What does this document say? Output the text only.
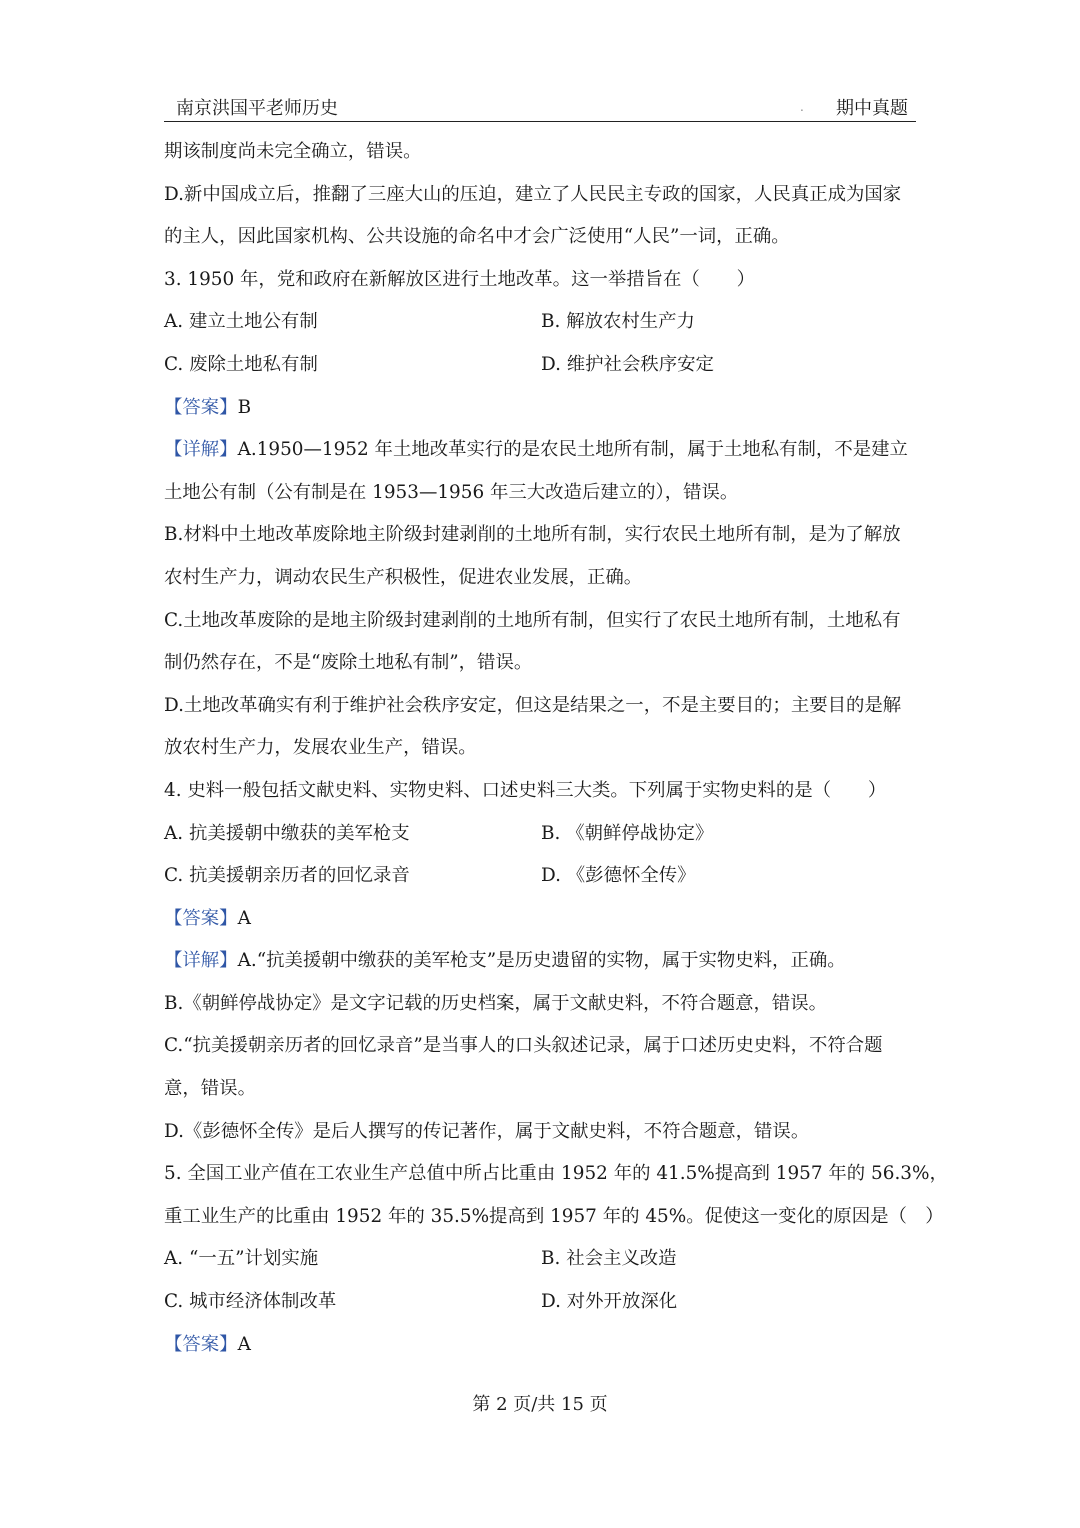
南京洪国平老师历史	. 期中真题
期该制度尚未完全确立，错误。
D.新中国成立后，推翻了三座大山的压迫，建立了人民民主专政的国家，人民真正成为国家
的主人，因此国家机构、公共设施的命名中才会广泛使用“人民”一词，正确。
3. 1950 年，党和政府在新解放区进行土地改革。这一举措旨在（　　）
A. 建立土地公有制	B. 解放农村生产力
C. 废除土地私有制	D. 维护社会秩序安定
【答案】B
【详解】A.1950—1952 年土地改革实行的是农民土地所有制，属于土地私有制，不是建立
土地公有制（公有制是在 1953—1956 年三大改造后建立的），错误。
B.材料中土地改革废除地主阶级封建剥削的土地所有制，实行农民土地所有制，是为了解放
农村生产力，调动农民生产积极性，促进农业发展，正确。
C.土地改革废除的是地主阶级封建剥削的土地所有制，但实行了农民土地所有制，土地私有
制仍然存在，不是“废除土地私有制”，错误。
D.土地改革确实有利于维护社会秩序安定，但这是结果之一，不是主要目的；主要目的是解
放农村生产力，发展农业生产，错误。
4. 史料一般包括文献史料、实物史料、口述史料三大类。下列属于实物史料的是（　　）
A. 抗美援朝中缴获的美军枪支	B. 《朝鲜停战协定》
C. 抗美援朝亲历者的回忆录音	D. 《彭德怀全传》
【答案】A
【详解】A.“抗美援朝中缴获的美军枪支”是历史遗留的实物，属于实物史料，正确。
B.《朝鲜停战协定》是文字记载的历史档案，属于文献史料，不符合题意，错误。
C.“抗美援朝亲历者的回忆录音”是当事人的口头叙述记录，属于口述历史史料，不符合题
意，错误。
D.《彭德怀全传》是后人撰写的传记著作，属于文献史料，不符合题意，错误。
5. 全国工业产值在工农业生产总值中所占比重由 1952 年的 41.5%提高到 1957 年的 56.3%，
重工业生产的比重由 1952 年的 35.5%提高到 1957 年的 45%。促使这一变化的原因是（　）
A. “一五”计划实施	B. 社会主义改造
C. 城市经济体制改革	D. 对外开放深化
【答案】A
第 2 页/共 15 页
